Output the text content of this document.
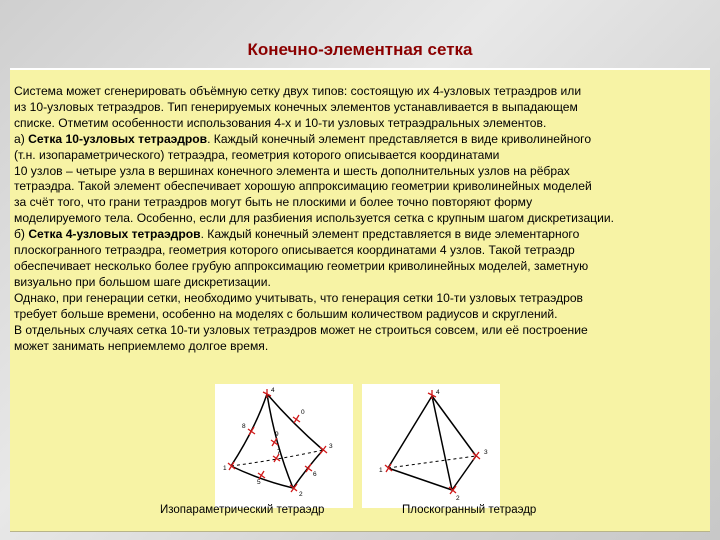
Конечно-элементная сетка
Система может сгенерировать объёмную сетку двух типов: состоящую их 4-узловых тетраэдров или
из 10-узловых тетраэдров. Тип генерируемых конечных элементов устанавливается в выпадающем
списке. Отметим особенности использования 4-х и 10-ти узловых тетраэдральных элементов.
а) Сетка 10-узловых тетраэдров. Каждый конечный элемент представляется в виде криволинейного
(т.н. изопараметрического) тетраэдра, геометрия которого описывается координатами
10 узлов – четыре узла в вершинах конечного элемента и шесть дополнительных узлов на рёбрах
тетраэдра. Такой элемент обеспечивает хорошую аппроксимацию геометрии криволинейных моделей
за счёт того, что грани тетраэдров могут быть не плоскими и более точно повторяют форму
моделируемого тела. Особенно, если для разбиения используется сетка с крупным шагом дискретизации.
б) Сетка 4-узловых тетраэдров. Каждый конечный элемент представляется в виде элементарного
плоскогранного тетраэдра, геометрия которого описывается координатами 4 узлов. Такой тетраэдр
обеспечивает несколько более грубую аппроксимацию геометрии криволинейных моделей, заметную
визуально при большом шаге дискретизации.
Однако, при генерации сетки, необходимо учитывать, что генерация сетки 10-ти узловых тетраэдров
требует больше времени, особенно на моделях с большим количеством радиусов и скруглений.
В отдельных случаях сетка 10-ти узловых тетраэдров может не строиться совсем, или её построение
может занимать неприемлемо долгое время.
1
2
3
4
5
6
7
8
9
0
1
2
3
4
Изопараметрический тетраэдр	Плоскогранный тетраэдр
